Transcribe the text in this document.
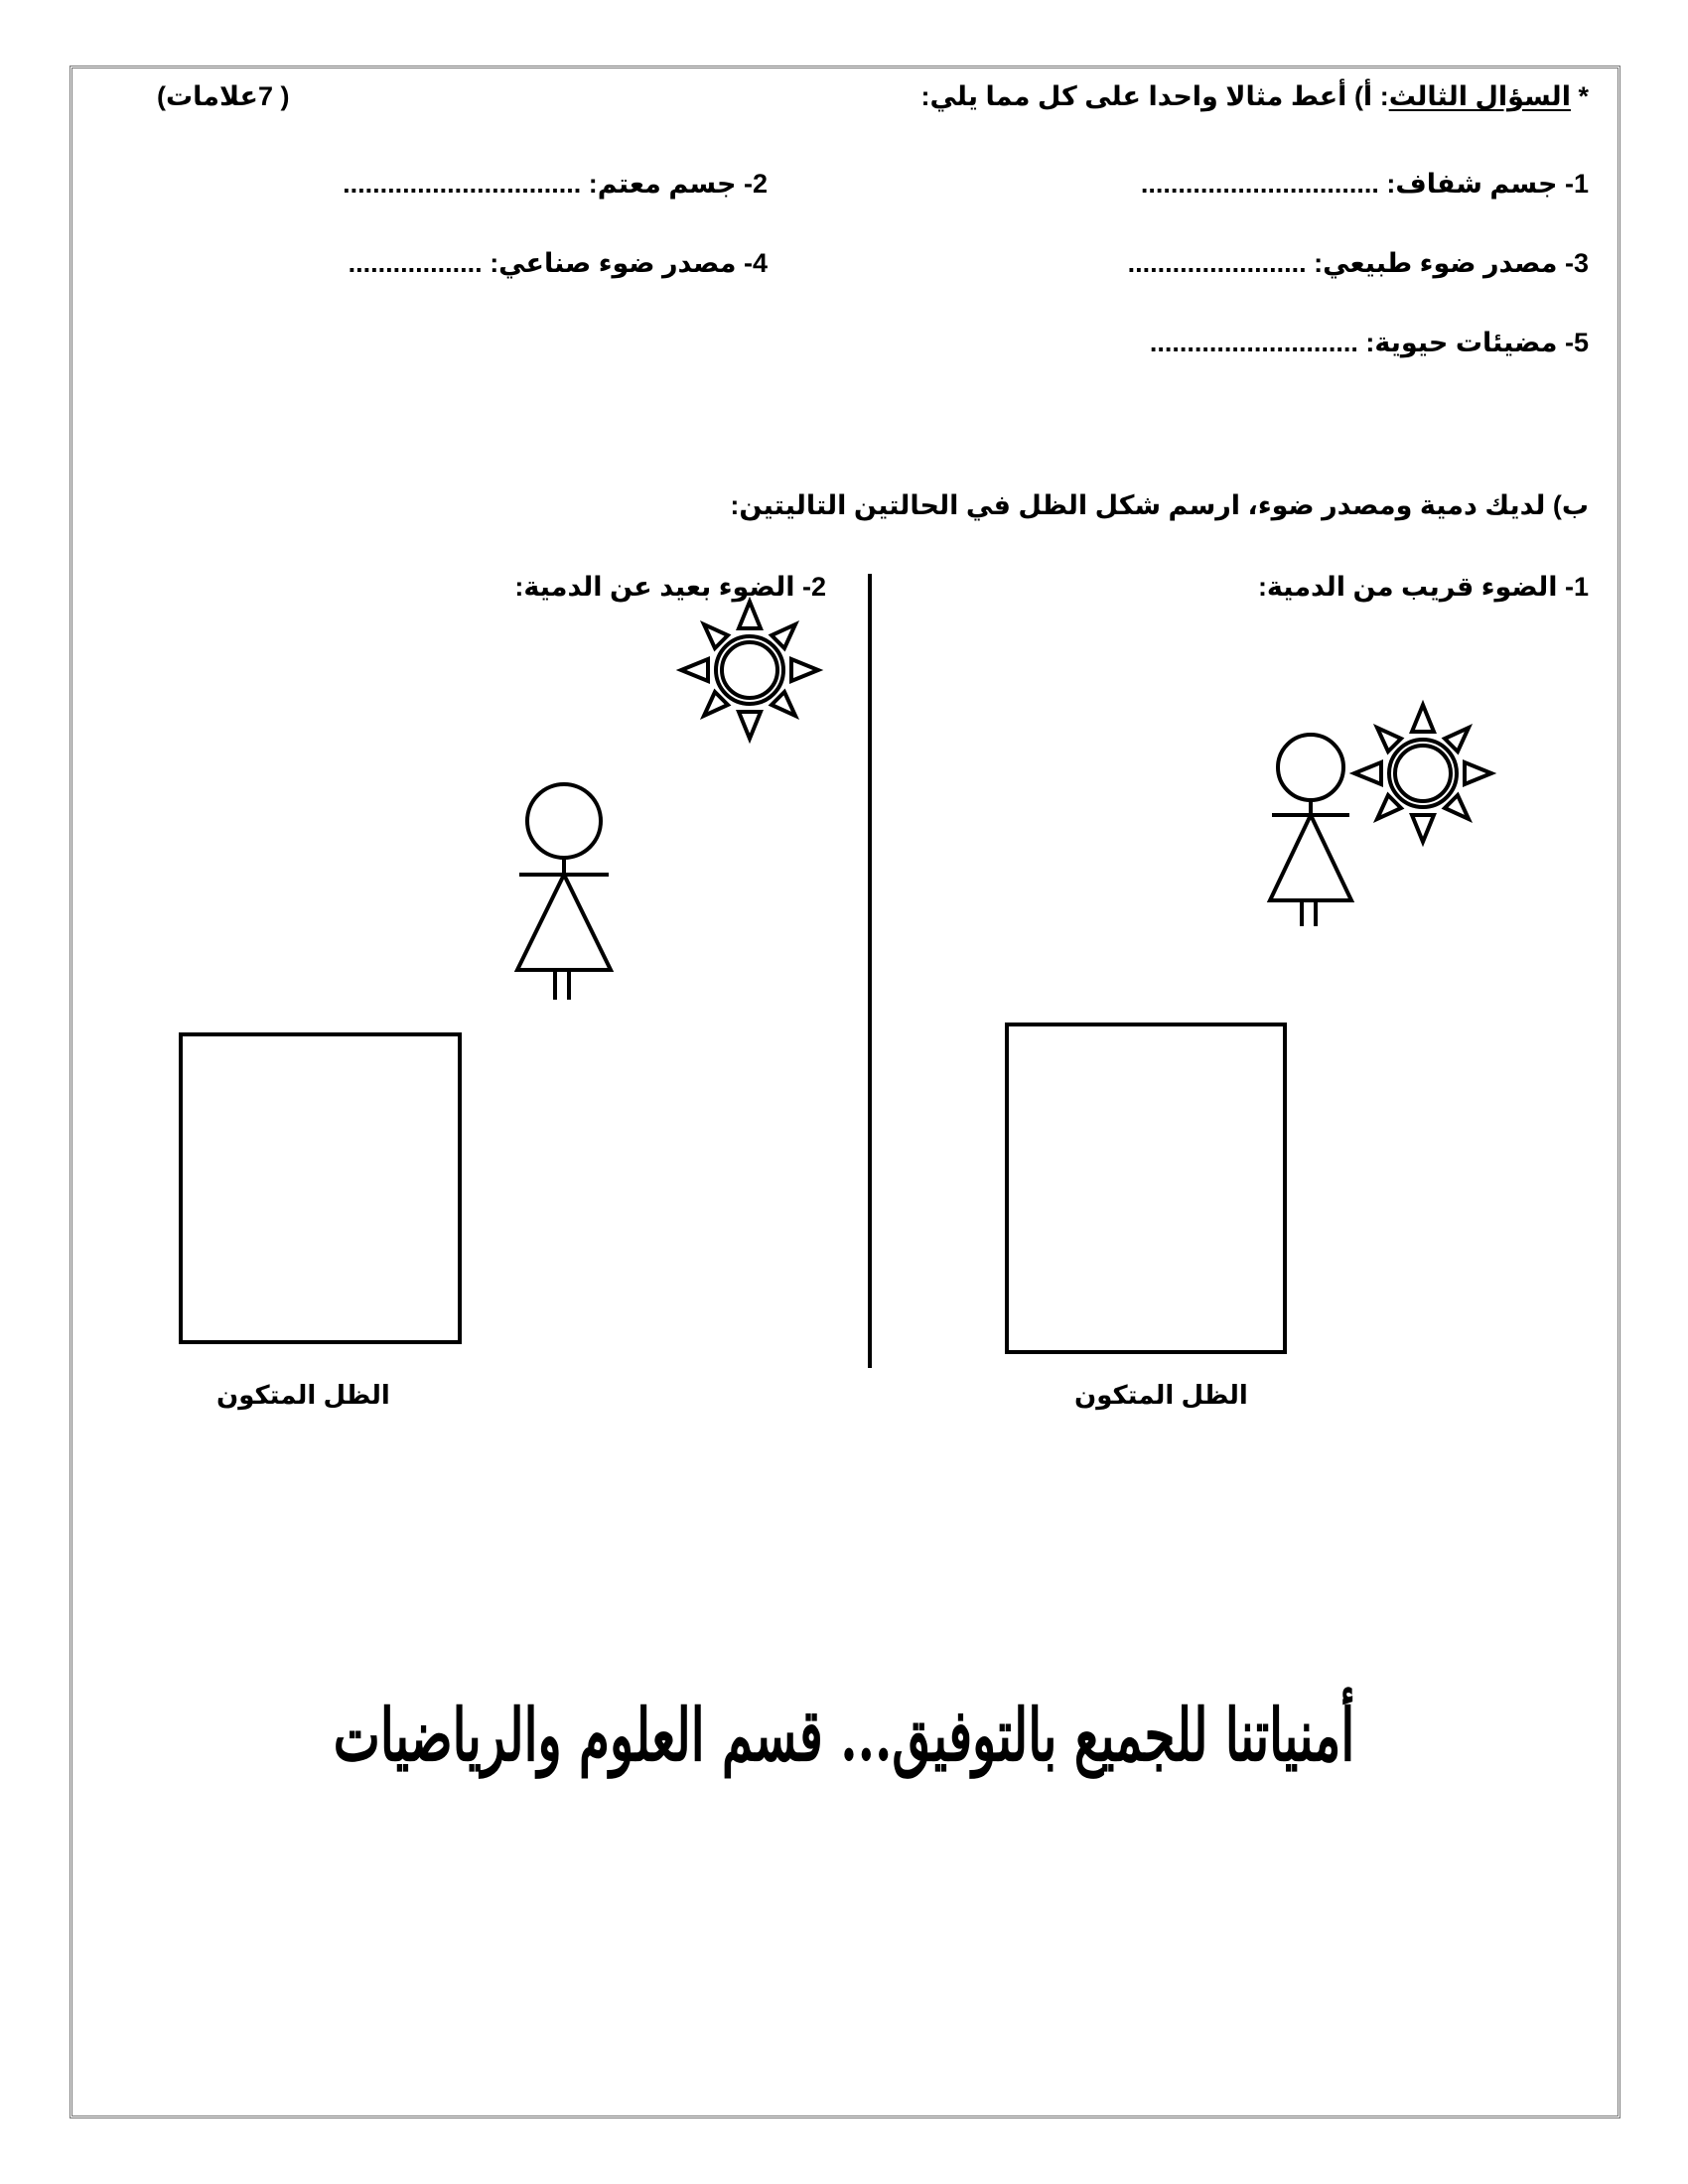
* السؤال الثالث: أ) أعط مثالا واحدا على كل مما يلي:
( 7علامات)
1- جسم شفاف: ................................
2- جسم معتم: ................................
3- مصدر ضوء طبيعي: ........................
4- مصدر ضوء صناعي: ..................
5- مضيئات حيوية: ............................
ب) لديك دمية ومصدر ضوء، ارسم شكل الظل في الحالتين التاليتين:
1- الضوء قريب من الدمية:
2- الضوء بعيد عن الدمية:
الظل المتكون	الظل المتكون
أمنياتنا للجميع بالتوفيق... قسم العلوم والرياضيات
